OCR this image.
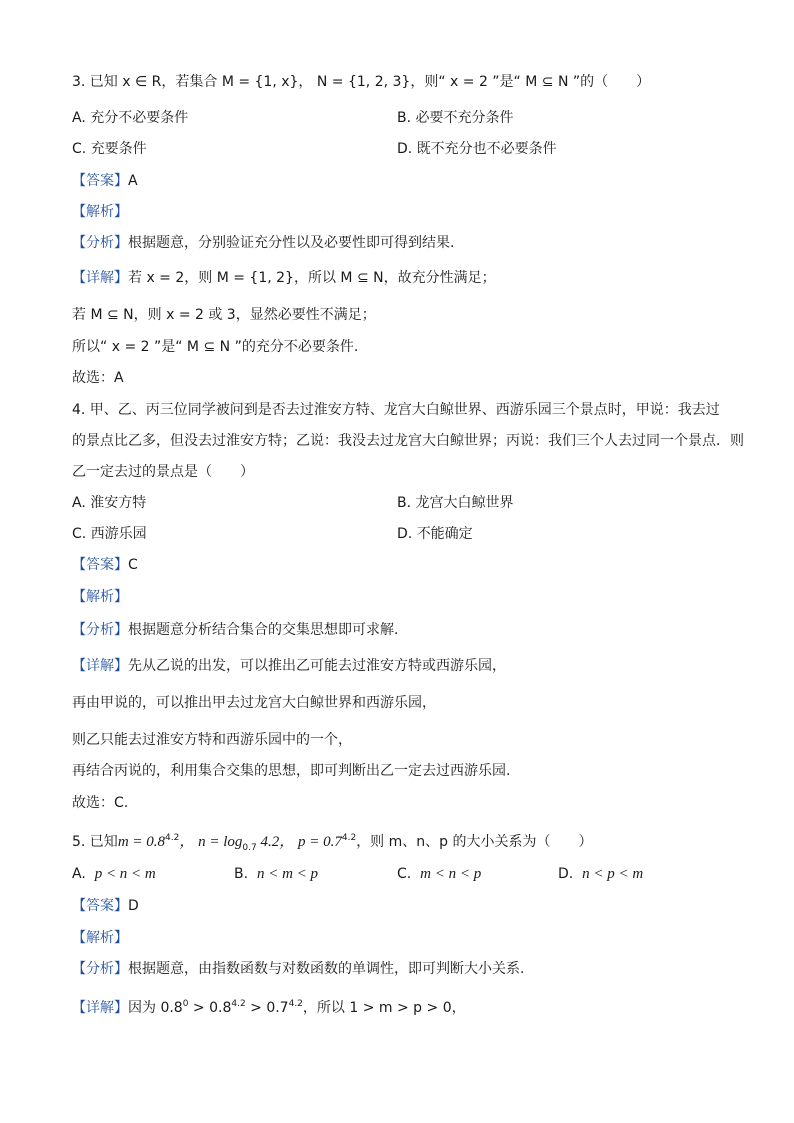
3. 已知 x ∈ R，若集合 M = {1, x}， N = {1, 2, 3}，则“ x = 2 ”是“ M ⊆ N ”的（　　）
A. 充分不必要条件	B. 必要不充分条件
C. 充要条件	D. 既不充分也不必要条件
【答案】A
【解析】
【分析】根据题意，分别验证充分性以及必要性即可得到结果.
【详解】若 x = 2，则 M = {1, 2}，所以 M ⊆ N，故充分性满足；
若 M ⊆ N，则 x = 2 或 3，显然必要性不满足；
所以“ x = 2 ”是“ M ⊆ N ”的充分不必要条件.
故选：A
4. 甲、乙、丙三位同学被问到是否去过淮安方特、龙宫大白鲸世界、西游乐园三个景点时，甲说：我去过
的景点比乙多，但没去过淮安方特；乙说：我没去过龙宫大白鲸世界；丙说：我们三个人去过同一个景点．则
乙一定去过的景点是（　　）
A. 淮安方特	B. 龙宫大白鲸世界
C. 西游乐园	D. 不能确定
【答案】C
【解析】
【分析】根据题意分析结合集合的交集思想即可求解.
【详解】先从乙说的出发，可以推出乙可能去过淮安方特或西游乐园，
再由甲说的，可以推出甲去过龙宫大白鲸世界和西游乐园，
则乙只能去过淮安方特和西游乐园中的一个，
再结合丙说的，利用集合交集的思想，即可判断出乙一定去过西游乐园.
故选：C.
5. 已知$m = 0.8^{4.2}$， $n = \log_{0.7} 4.2$， $p = 0.7^{4.2}$，则 m、n、p 的大小关系为（　　）
A. p < n < m	B. n < m < p	C. m < n < p	D. n < p < m
【答案】D
【解析】
【分析】根据题意，由指数函数与对数函数的单调性，即可判断大小关系.
【详解】因为 $0.8^0 > 0.8^{4.2} > 0.7^{4.2}$，所以 1 > m > p > 0，
